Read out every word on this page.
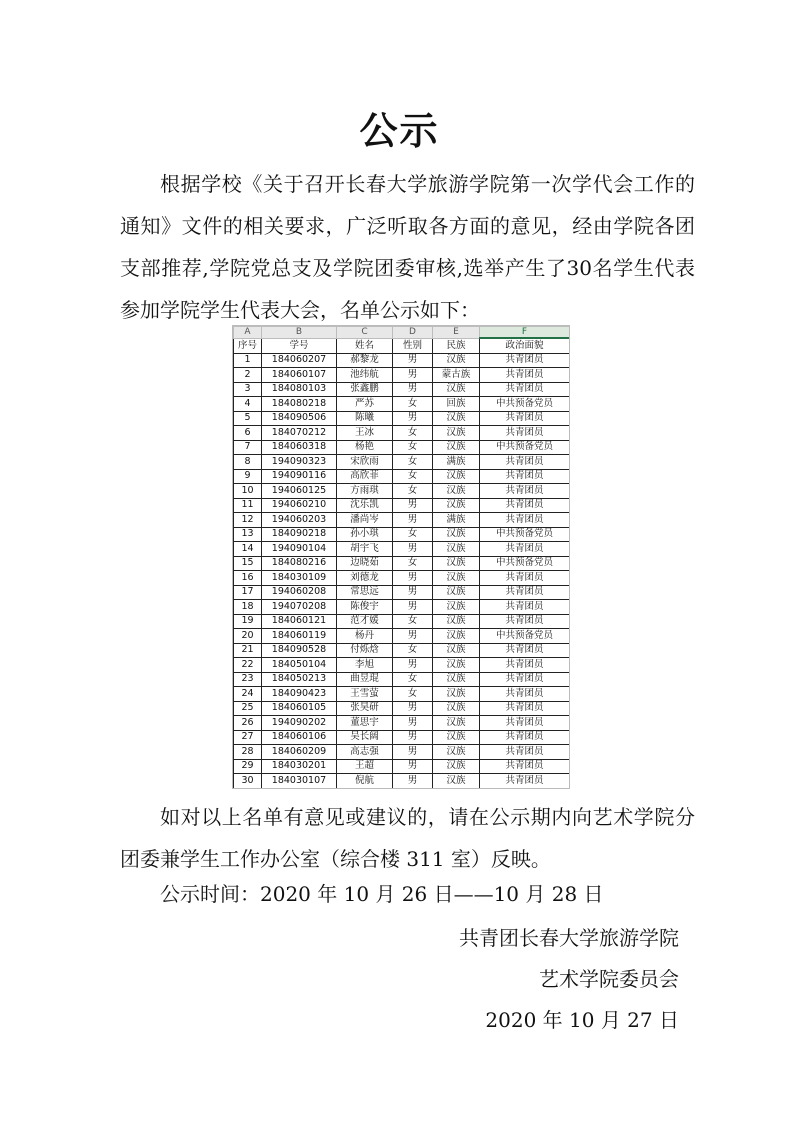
公示

根据学校《关于召开长春大学旅游学院第一次学代会工作的通知》文件的相关要求，广泛听取各方面的意见，经由学院各团支部推荐,学院党总支及学院团委审核,选举产生了30名学生代表参加学院学生代表大会，名单公示如下：

A	B	C	D	E	F
序号	学号	姓名	性别	民族	政治面貌
1	184060207	郝黎龙	男	汉族	共青团员
2	184060107	池纬航	男	蒙古族	共青团员
3	184080103	张鑫鹏	男	汉族	共青团员
4	184080218	严苏	女	回族	中共预备党员
5	184090506	陈曦	男	汉族	共青团员
6	184070212	王冰	女	汉族	共青团员
7	184060318	杨艳	女	汉族	中共预备党员
8	194090323	宋欣雨	女	满族	共青团员
9	194090116	高欣菲	女	汉族	共青团员
10	194060125	方雨琪	女	汉族	共青团员
11	194060210	沈乐凯	男	汉族	共青团员
12	194060203	潘尚岑	男	满族	共青团员
13	184090218	孙小琪	女	汉族	中共预备党员
14	194090104	胡宇飞	男	汉族	共青团员
15	184080216	边晓茹	女	汉族	中共预备党员
16	184030109	刘德龙	男	汉族	共青团员
17	194060208	常思远	男	汉族	共青团员
18	194070208	陈俊宇	男	汉族	共青团员
19	184060121	范才媛	女	汉族	共青团员
20	184060119	杨丹	男	汉族	中共预备党员
21	184090528	付烁焓	女	汉族	共青团员
22	184050104	李旭	男	汉族	共青团员
23	184050213	曲昱琨	女	汉族	共青团员
24	184090423	王雪萤	女	汉族	共青团员
25	184060105	张昊研	男	汉族	共青团员
26	194090202	董思宇	男	汉族	共青团员
27	184060106	吴长阔	男	汉族	共青团员
28	184060209	高志强	男	汉族	共青团员
29	184030201	王超	男	汉族	共青团员
30	184030107	倪航	男	汉族	共青团员

如对以上名单有意见或建议的，请在公示期内向艺术学院分团委兼学生工作办公室（综合楼 311 室）反映。

公示时间：2020 年 10 月 26 日——10 月 28 日
共青团长春大学旅游学院
艺术学院委员会
2020 年 10 月 27 日
